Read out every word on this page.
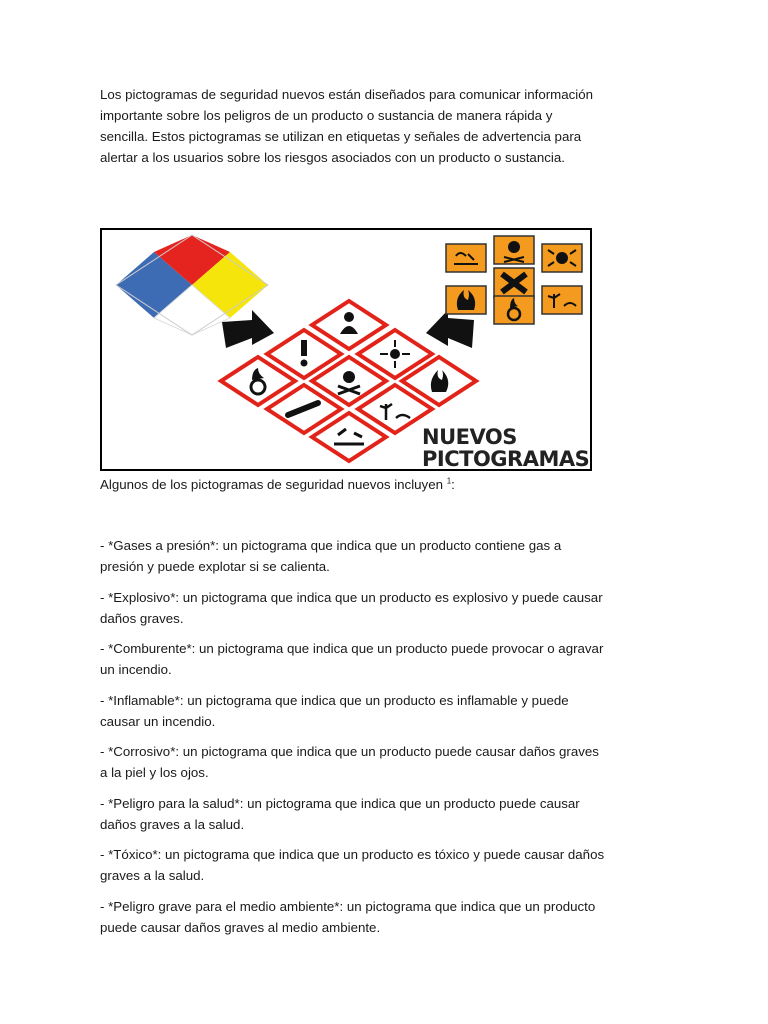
Los pictogramas de seguridad nuevos están diseñados para comunicar información importante sobre los peligros de un producto o sustancia de manera rápida y sencilla. Estos pictogramas se utilizan en etiquetas y señales de advertencia para alertar a los usuarios sobre los riesgos asociados con un producto o sustancia.

NUEVOS
PICTOGRAMAS

Algunos de los pictogramas de seguridad nuevos incluyen $^1$:

- *Gases a presión*: un pictograma que indica que un producto contiene gas a presión y puede explotar si se calienta.
- *Explosivo*: un pictograma que indica que un producto es explosivo y puede causar daños graves.
- *Comburente*: un pictograma que indica que un producto puede provocar o agravar un incendio.
- *Inflamable*: un pictograma que indica que un producto es inflamable y puede causar un incendio.
- *Corrosivo*: un pictograma que indica que un producto puede causar daños graves a la piel y los ojos.
- *Peligro para la salud*: un pictograma que indica que un producto puede causar daños graves a la salud.
- *Tóxico*: un pictograma que indica que un producto es tóxico y puede causar daños graves a la salud.
- *Peligro grave para el medio ambiente*: un pictograma que indica que un producto puede causar daños graves al medio ambiente.
